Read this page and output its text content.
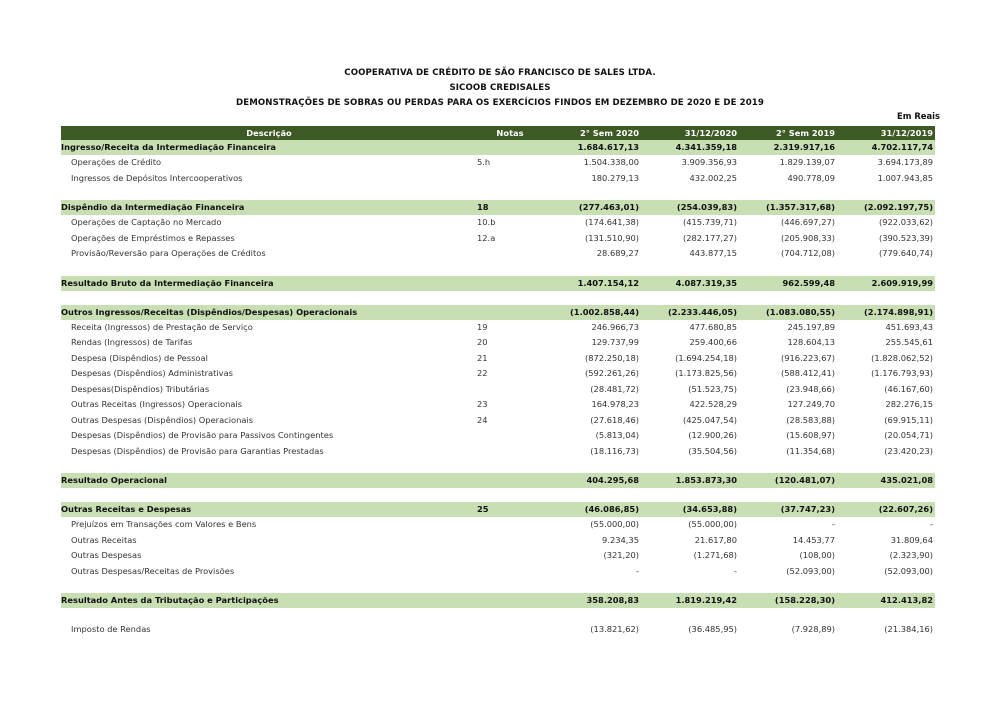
COOPERATIVA DE CRÉDITO DE SÃO FRANCISCO DE SALES LTDA.
SICOOB CREDISALES
DEMONSTRAÇÕES DE SOBRAS OU PERDAS PARA OS EXERCÍCIOS FINDOS EM DEZEMBRO DE 2020 E DE 2019
Em Reais
Descrição	Notas	2° Sem 2020	31/12/2020	2° Sem 2019	31/12/2019
Ingresso/Receita da Intermediação Financeira		1.684.617,13	4.341.359,18	2.319.917,16	4.702.117,74
Operações de Crédito	5.h	1.504.338,00	3.909.356,93	1.829.139,07	3.694.173,89
Ingressos de Depósitos Intercooperativos		180.279,13	432.002,25	490.778,09	1.007.943,85

Dispêndio da Intermediação Financeira	18	(277.463,01)	(254.039,83)	(1.357.317,68)	(2.092.197,75)
Operações de Captação no Mercado	10.b	(174.641,38)	(415.739,71)	(446.697,27)	(922.033,62)
Operações de Empréstimos e Repasses	12.a	(131.510,90)	(282.177,27)	(205.908,33)	(390.523,39)
Provisão/Reversão para Operações de Créditos		28.689,27	443.877,15	(704.712,08)	(779.640,74)

Resultado Bruto da Intermediação Financeira		1.407.154,12	4.087.319,35	962.599,48	2.609.919,99

Outros Ingressos/Receitas (Dispêndios/Despesas) Operacionais		(1.002.858,44)	(2.233.446,05)	(1.083.080,55)	(2.174.898,91)
Receita (Ingressos) de Prestação de Serviço	19	246.966,73	477.680,85	245.197,89	451.693,43
Rendas (Ingressos) de Tarifas	20	129.737,99	259.400,66	128.604,13	255.545,61
Despesa (Dispêndios) de Pessoal	21	(872.250,18)	(1.694.254,18)	(916.223,67)	(1.828.062,52)
Despesas (Dispêndios) Administrativas	22	(592.261,26)	(1.173.825,56)	(588.412,41)	(1.176.793,93)
Despesas(Dispêndios) Tributárias		(28.481,72)	(51.523,75)	(23.948,66)	(46.167,60)
Outras Receitas (Ingressos) Operacionais	23	164.978,23	422.528,29	127.249,70	282.276,15
Outras Despesas (Dispêndios) Operacionais	24	(27.618,46)	(425.047,54)	(28.583,88)	(69.915,11)
Despesas (Dispêndios) de Provisão para Passivos Contingentes		(5.813,04)	(12.900,26)	(15.608,97)	(20.054,71)
Despesas (Dispêndios) de Provisão para Garantias Prestadas		(18.116,73)	(35.504,56)	(11.354,68)	(23.420,23)

Resultado Operacional		404.295,68	1.853.873,30	(120.481,07)	435.021,08

Outras Receitas e Despesas	25	(46.086,85)	(34.653,88)	(37.747,23)	(22.607,26)
Prejuízos em Transações com Valores e Bens		(55.000,00)	(55.000,00)	-	-
Outras Receitas		9.234,35	21.617,80	14.453,77	31.809,64
Outras Despesas		(321,20)	(1.271,68)	(108,00)	(2.323,90)
Outras Despesas/Receitas de Provisões		-	-	(52.093,00)	(52.093,00)

Resultado Antes da Tributação e Participações		358.208,83	1.819.219,42	(158.228,30)	412.413,82

Imposto de Rendas		(13.821,62)	(36.485,95)	(7.928,89)	(21.384,16)
